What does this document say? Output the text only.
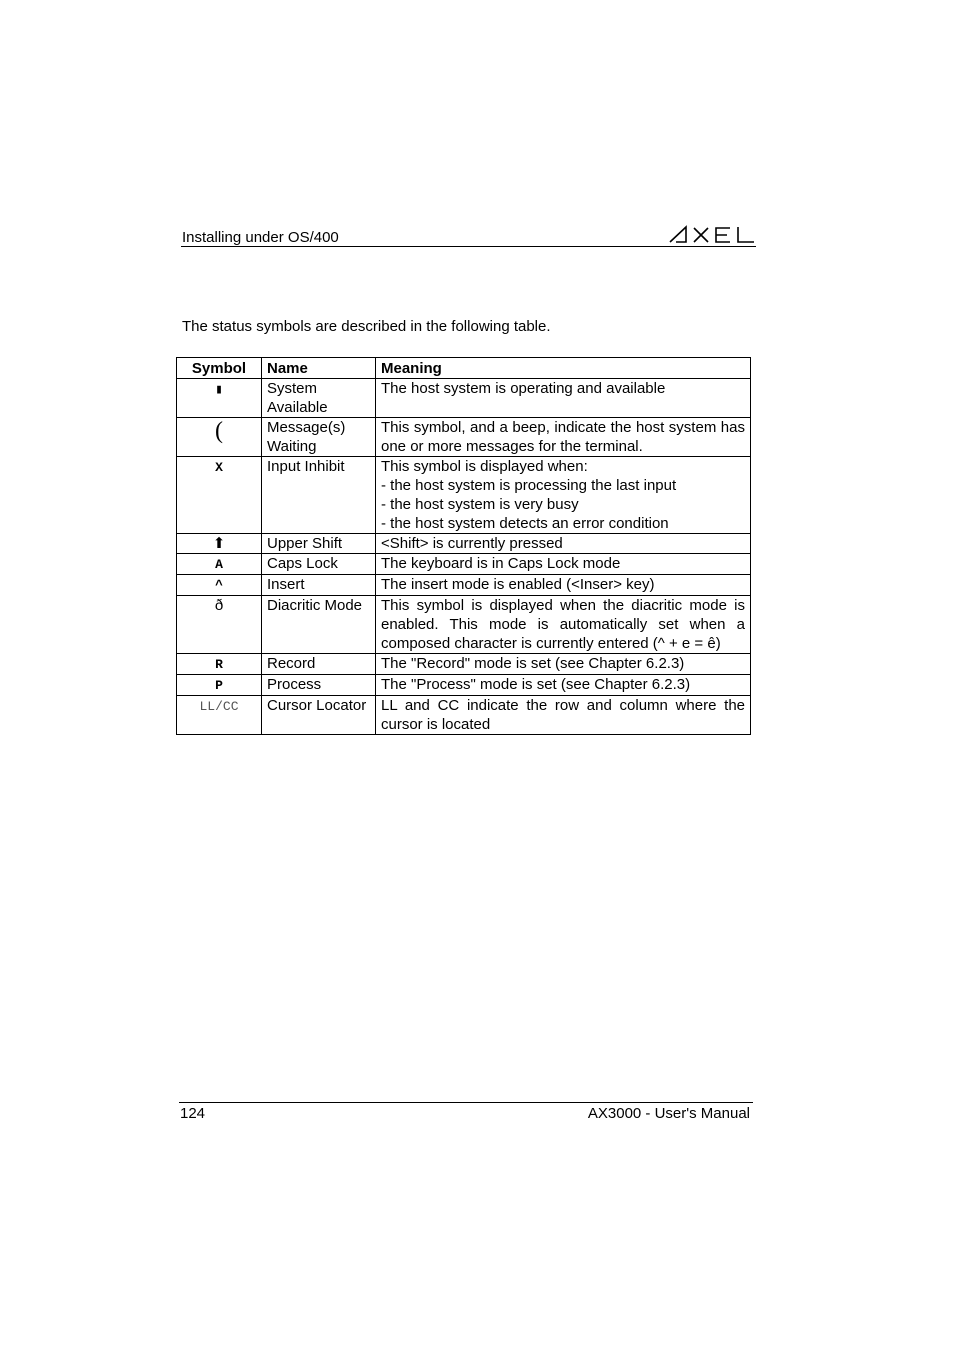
Installing under OS/400
AXEL
The status symbols are described in the following table.
Symbol	Name	Meaning
▮	System Available	The host system is operating and available
(	Message(s) Waiting	This symbol, and a beep, indicate the host system has one or more messages for the terminal.
X	Input Inhibit	This symbol is displayed when:
- the host system is processing the last input
- the host system is very busy
- the host system detects an error condition

⬆	Upper Shift	<Shift> is currently pressed
A	Caps Lock	The keyboard is in Caps Lock mode
^	Insert	The insert mode is enabled (<Inser> key)
ð	Diacritic Mode	This symbol is displayed when the diacritic mode is enabled. This mode is automatically set when a composed character is currently entered (^ + e = ê)
R	Record	The "Record" mode is set (see Chapter 6.2.3)
P	Process	The "Process" mode is set (see Chapter 6.2.3)
LL/CC	Cursor Locator	LL and CC indicate the row and column where the cursor is located
124	AX3000 - User's Manual
